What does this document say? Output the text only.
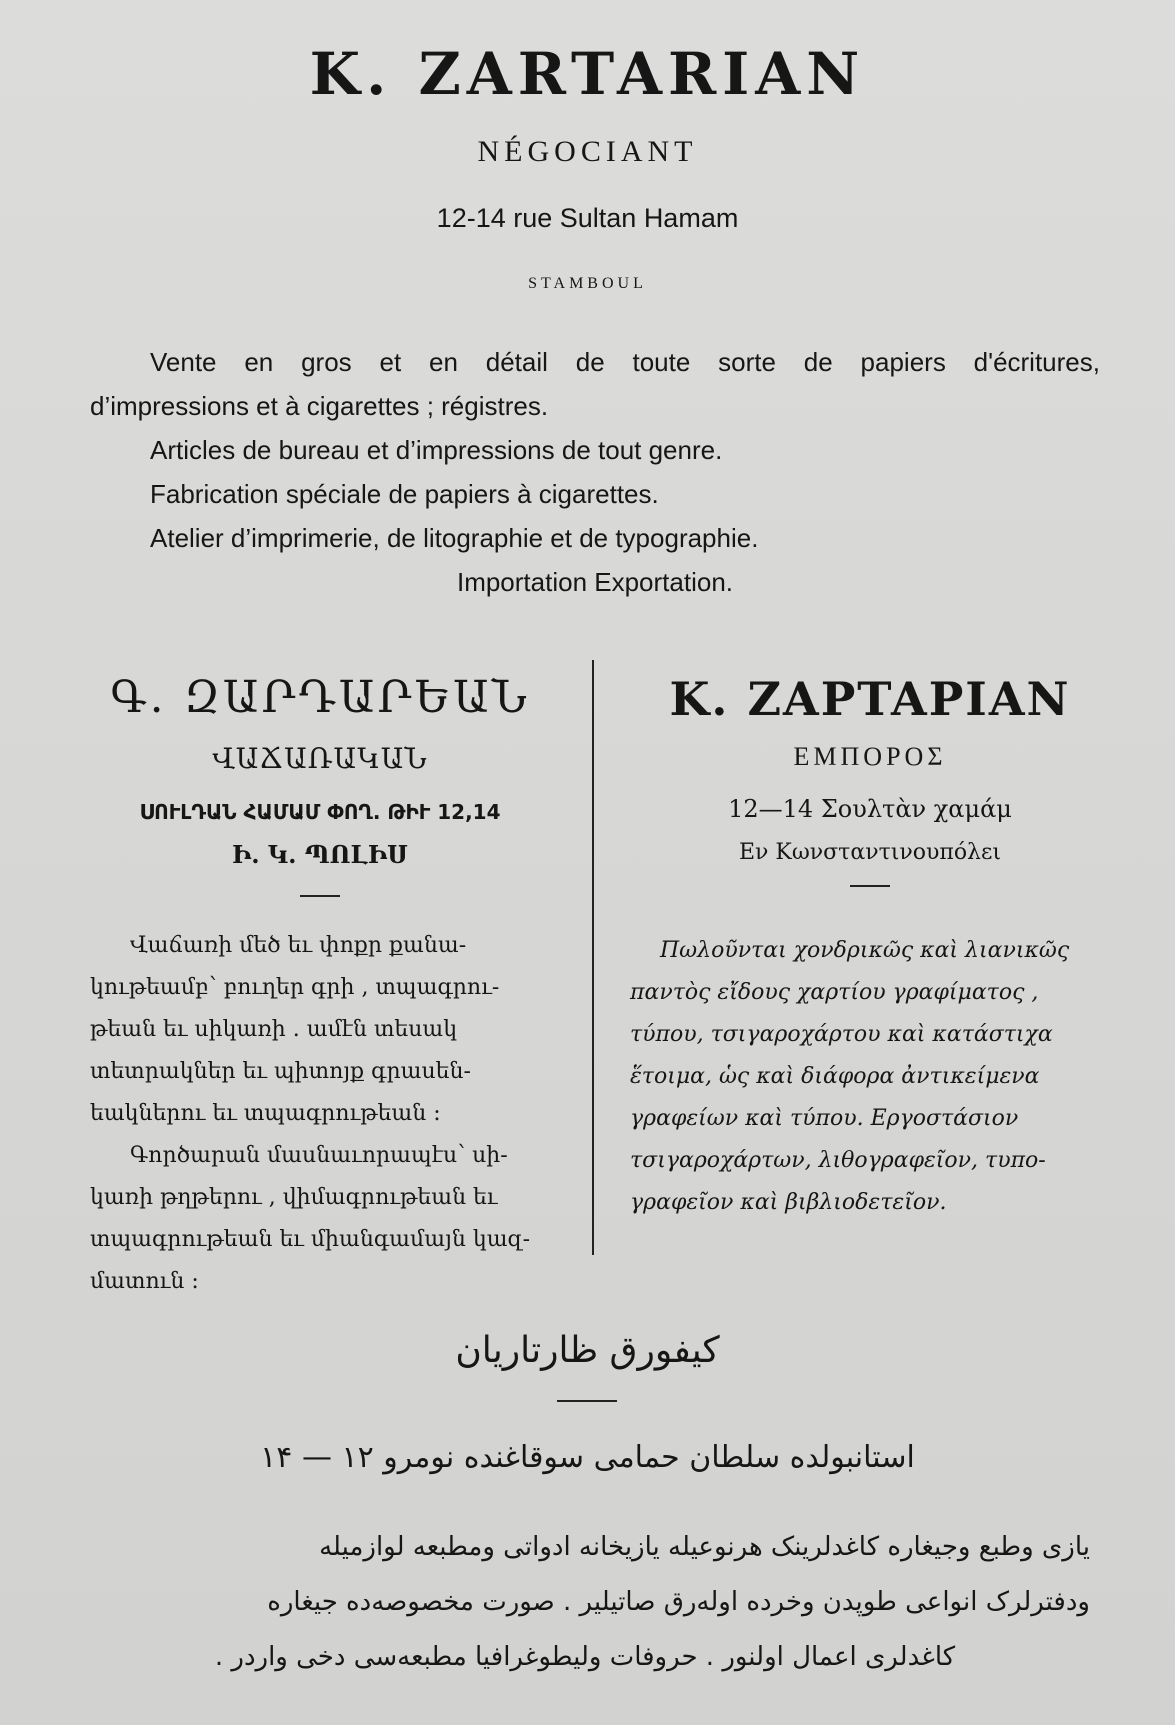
K. ZARTARIAN
NÉGOCIANT
12-14 rue Sultan Hamam
STAMBOUL
Vente en gros et en détail de toute sorte de papiers d'écritures,
d’impressions et à cigarettes ; régistres.
Articles de bureau et d’impressions de tout genre.
Fabrication spéciale de papiers à cigarettes.
Atelier d’imprimerie, de litographie et de typographie.
Importation Exportation.
Գ. ԶԱՐԴԱՐԵԱՆ
ՎԱՃԱՌԱԿԱՆ
ՍՈՒԼԴԱՆ ՀԱՄԱՄ ՓՈՂ. ԹԻՒ 12,14
Ի. Կ. ՊՈԼԻՍ
Վաճառի մեծ եւ փոքր քանա-
կութեամբ՝ բուղեր գրի , տպագրու-
թեան եւ սիկառի . ամէն տեսակ
տետրակներ եւ պիտոյք գրասեն-
եակներու եւ տպագրութեան :
Գործարան մասնաւորապէս՝ սի-
կառի թղթերու , վիմագրութեան եւ
տպագրութեան եւ միանգամայն կազ-
մատուն :
K. ZAPTAPIAN
ΕΜΠΟΡΟΣ
12—14 Σουλτὰν χαμάμ
Εν Κωνσταντινουπόλει
Πωλοῦνται χονδρικῶς καὶ λιανικῶς
παντὸς εἴδους χαρτίου γραφίματος ,
τύπου, τσιγαροχάρτου καὶ κατάστιχα
ἕτοιμα, ὡς καὶ διάφορα ἀντικείμενα
γραφείων καὶ τύπου. Εργοστάσιον
τσιγαροχάρτων, λιθογραφεῖον, τυπο-
γραφεῖον καὶ βιβλιοδετεῖον.
کیفورق ظارتاریان
استانبولده سلطان حمامی سوقاغنده نومرو ۱۲ — ۱۴
یازی وطبع وجیغاره کاغدلرینک هرنوعیله یازیخانه ادواتی ومطبعه لوازمیله
ودفترلرک انواعی طوپدن وخرده اوله‌رق صاتیلیر . صورت مخصوصه‌ده جیغاره
کاغدلری اعمال اولنور . حروفات ولیطوغرافیا مطبعه‌سی دخی واردر .
